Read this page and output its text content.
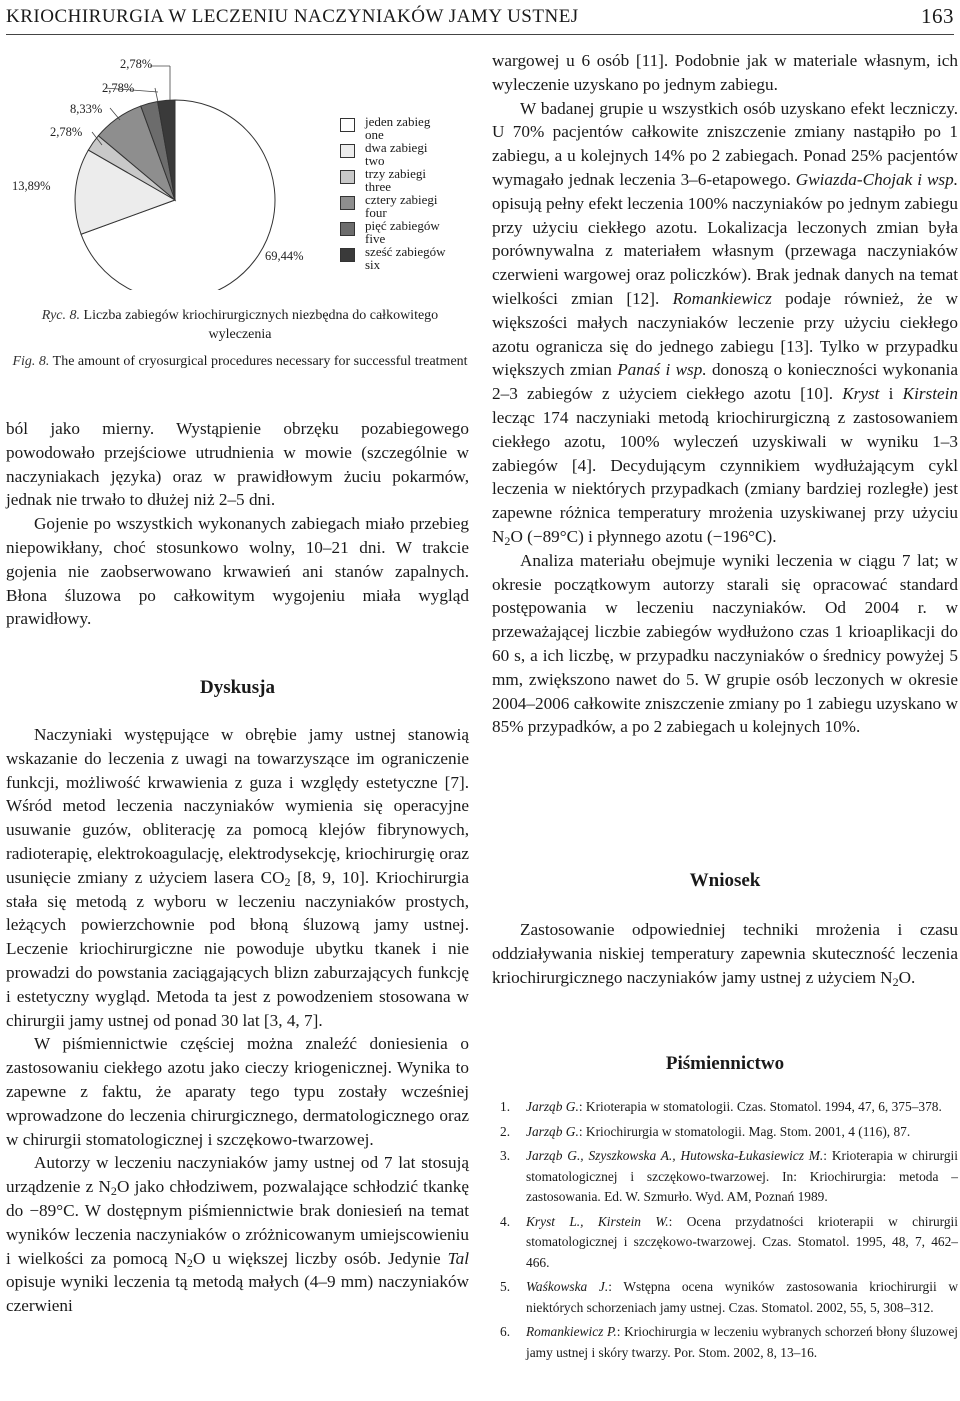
KRIOCHIRURGIA W LECZENIU NACZYNIAKÓW JAMY USTNEJ	163
69,44%
13,89%
2,78%
8,33%
2,78%
2,78%
jeden zabieg
one
dwa zabiegi
two
trzy zabiegi
three
cztery zabiegi
four
pięć zabiegów
five
sześć zabiegów
six
Ryc. 8. Liczba zabiegów kriochirurgicznych niezbędna do całkowitego wyleczenia
Fig. 8. The amount of cryosurgical procedures necessary for successful treatment

ból jako mierny. Wystąpienie obrzęku pozabiegowego powodowało przejściowe utrudnienia w mowie (szczególnie w naczyniakach języka) oraz w prawidłowym żuciu pokarmów, jednak nie trwało to dłużej niż 2–5 dni.

Gojenie po wszystkich wykonanych zabiegach miało przebieg niepowikłany, choć stosunkowo wolny, 10–21 dni. W trakcie gojenia nie zaobserwowano krwawień ani stanów zapalnych. Błona śluzowa po całkowitym wygojeniu miała wygląd prawidłowy.

Dyskusja

Naczyniaki występujące w obrębie jamy ustnej stanowią wskazanie do leczenia z uwagi na towarzyszące im ograniczenie funkcji, możliwość krwawienia z guza i względy estetyczne [7]. Wśród metod leczenia naczyniaków wymienia się operacyjne usuwanie guzów, obliterację za pomocą klejów fibrynowych, radioterapię, elektrokoagulację, elektrodysekcję, kriochirurgię oraz usunięcie zmiany z użyciem lasera $CO_2$ [8, 9, 10]. Kriochirurgia stała się metodą z wyboru w leczeniu naczyniaków prostych, leżących powierzchownie pod błoną śluzową jamy ustnej. Leczenie kriochirurgiczne nie powoduje ubytku tkanek i nie prowadzi do powstania zaciągających blizn zaburzających funkcję i estetyczny wygląd. Metoda ta jest z powodzeniem stosowana w chirurgii jamy ustnej od ponad 30 lat [3, 4, 7].

W piśmiennictwie częściej można znaleźć doniesienia o zastosowaniu ciekłego azotu jako cieczy kriogenicznej. Wynika to zapewne z faktu, że aparaty tego typu zostały wcześniej wprowadzone do leczenia chirurgicznego, dermatologicznego oraz w chirurgii stomatologicznej i szczękowo-twarzowej.

Autorzy w leczeniu naczyniaków jamy ustnej od 7 lat stosują urządzenie z $N_2O$ jako chłodziwem, pozwalające schłodzić tkankę do −89°C. W dostępnym piśmiennictwie brak doniesień na temat wyników leczenia naczyniaków o zróżnicowanym umiejscowieniu i wielkości za pomocą $N_2O$ u większej liczby osób. Jedynie Tal opisuje wyniki leczenia tą metodą małych (4–9 mm) naczyniaków czerwieni

wargowej u 6 osób [11]. Podobnie jak w materiale własnym, ich wyleczenie uzyskano po jednym zabiegu.

W badanej grupie u wszystkich osób uzyskano efekt leczniczy. U 70% pacjentów całkowite zniszczenie zmiany nastąpiło po 1 zabiegu, a u kolejnych 14% po 2 zabiegach. Ponad 25% pacjentów wymagało jednak leczenia 3–6-etapowego. Gwiazda-Chojak i wsp. opisują pełny efekt leczenia 100% naczyniaków po jednym zabiegu przy użyciu ciekłego azotu. Lokalizacja leczonych zmian była porównywalna z materiałem własnym (przewaga naczyniaków czerwieni wargowej oraz policzków). Brak jednak danych na temat wielkości zmian [12]. Romankiewicz podaje również, że w większości małych naczyniaków leczenie przy użyciu ciekłego azotu ogranicza się do jednego zabiegu [13]. Tylko w przypadku większych zmian Panaś i wsp. donoszą o konieczności wykonania 2–3 zabiegów z użyciem ciekłego azotu [10]. Kryst i Kirstein lecząc 174 naczyniaki metodą kriochirurgiczną z zastosowaniem ciekłego azotu, 100% wyleczeń uzyskiwali w wyniku 1–3 zabiegów [4]. Decydującym czynnikiem wydłużającym cykl leczenia w niektórych przypadkach (zmiany bardziej rozległe) jest zapewne różnica temperatury mrożenia uzyskiwanej przy użyciu $N_2O$ (−89°C) i płynnego azotu (−196°C).

Analiza materiału obejmuje wyniki leczenia w ciągu 7 lat; w okresie początkowym autorzy starali się opracować standard postępowania w leczeniu naczyniaków. Od 2004 r. w przeważającej liczbie zabiegów wydłużono czas 1 krioaplikacji do 60 s, a ich liczbę, w przypadku naczyniaków o średnicy powyżej 5 mm, zwiększono nawet do 5. W grupie osób leczonych w okresie 2004–2006 całkowite zniszczenie zmiany po 1 zabiegu uzyskano w 85% przypadków, a po 2 zabiegach u kolejnych 10%.

Wniosek

Zastosowanie odpowiedniej techniki mrożenia i czasu oddziaływania niskiej temperatury zapewnia skuteczność leczenia kriochirurgicznego naczyniaków jamy ustnej z użyciem $N_2O$.

Piśmiennictwo
1. Jarząb G.: Krioterapia w stomatologii. Czas. Stomatol. 1994, 47, 6, 375–378.
2. Jarząb G.: Kriochirurgia w stomatologii. Mag. Stom. 2001, 4 (116), 87.
3. Jarząb G., Szyszkowska A., Hutowska-Łukasiewicz M.: Krioterapia w chirurgii stomatologicznej i szczękowo-twarzowej. In: Kriochirurgia: metoda – zastosowania. Ed. W. Szmurło. Wyd. AM, Poznań 1989.
4. Kryst L., Kirstein W.: Ocena przydatności krioterapii w chirurgii stomatologicznej i szczękowo-twarzowej. Czas. Stomatol. 1995, 48, 7, 462–466.
5. Waśkowska J.: Wstępna ocena wyników zastosowania kriochirurgii w niektórych schorzeniach jamy ustnej. Czas. Stomatol. 2002, 55, 5, 308–312.
6. Romankiewicz P.: Kriochirurgia w leczeniu wybranych schorzeń błony śluzowej jamy ustnej i skóry twarzy. Por. Stom. 2002, 8, 13–16.
